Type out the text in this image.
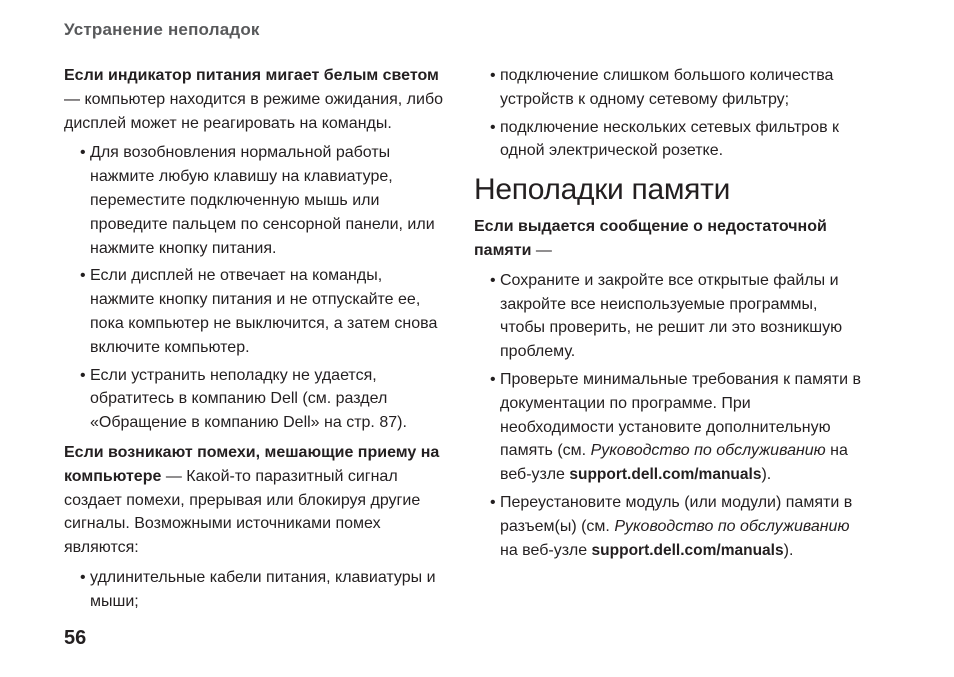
Устранение неполадок

Если индикатор питания мигает белым светом — компьютер находится в режиме ожидания, либо дисплей может не реагировать на команды.

• Для возобновления нормальной работы нажмите любую клавишу на клавиатуре, переместите подключенную мышь или проведите пальцем по сенсорной панели, или нажмите кнопку питания.
• Если дисплей не отвечает на команды, нажмите кнопку питания и не отпускайте ее, пока компьютер не выключится, а затем снова включите компьютер.
• Если устранить неполадку не удается, обратитесь в компанию Dell (см. раздел «Обращение в компанию Dell» на стр. 87).

Если возникают помехи, мешающие приему на компьютере — Какой-то паразитный сигнал создает помехи, прерывая или блокируя другие сигналы. Возможными источниками помех являются:

• удлинительные кабели питания, клавиатуры и мыши;
• подключение слишком большого количества устройств к одному сетевому фильтру;
• подключение нескольких сетевых фильтров к одной электрической розетке.
Неполадки памяти

Если выдается сообщение о недостаточной памяти —

• Сохраните и закройте все открытые файлы и закройте все неиспользуемые программы, чтобы проверить, не решит ли это возникшую проблему.
• Проверьте минимальные требования к памяти в документации по программе. При необходимости установите дополнительную память (см. Руководство по обслуживанию на веб-узле support.dell.com/manuals).
• Переустановите модуль (или модули) памяти в разъем(ы) (см. Руководство по обслуживанию на веб-узле support.dell.com/manuals).
56
